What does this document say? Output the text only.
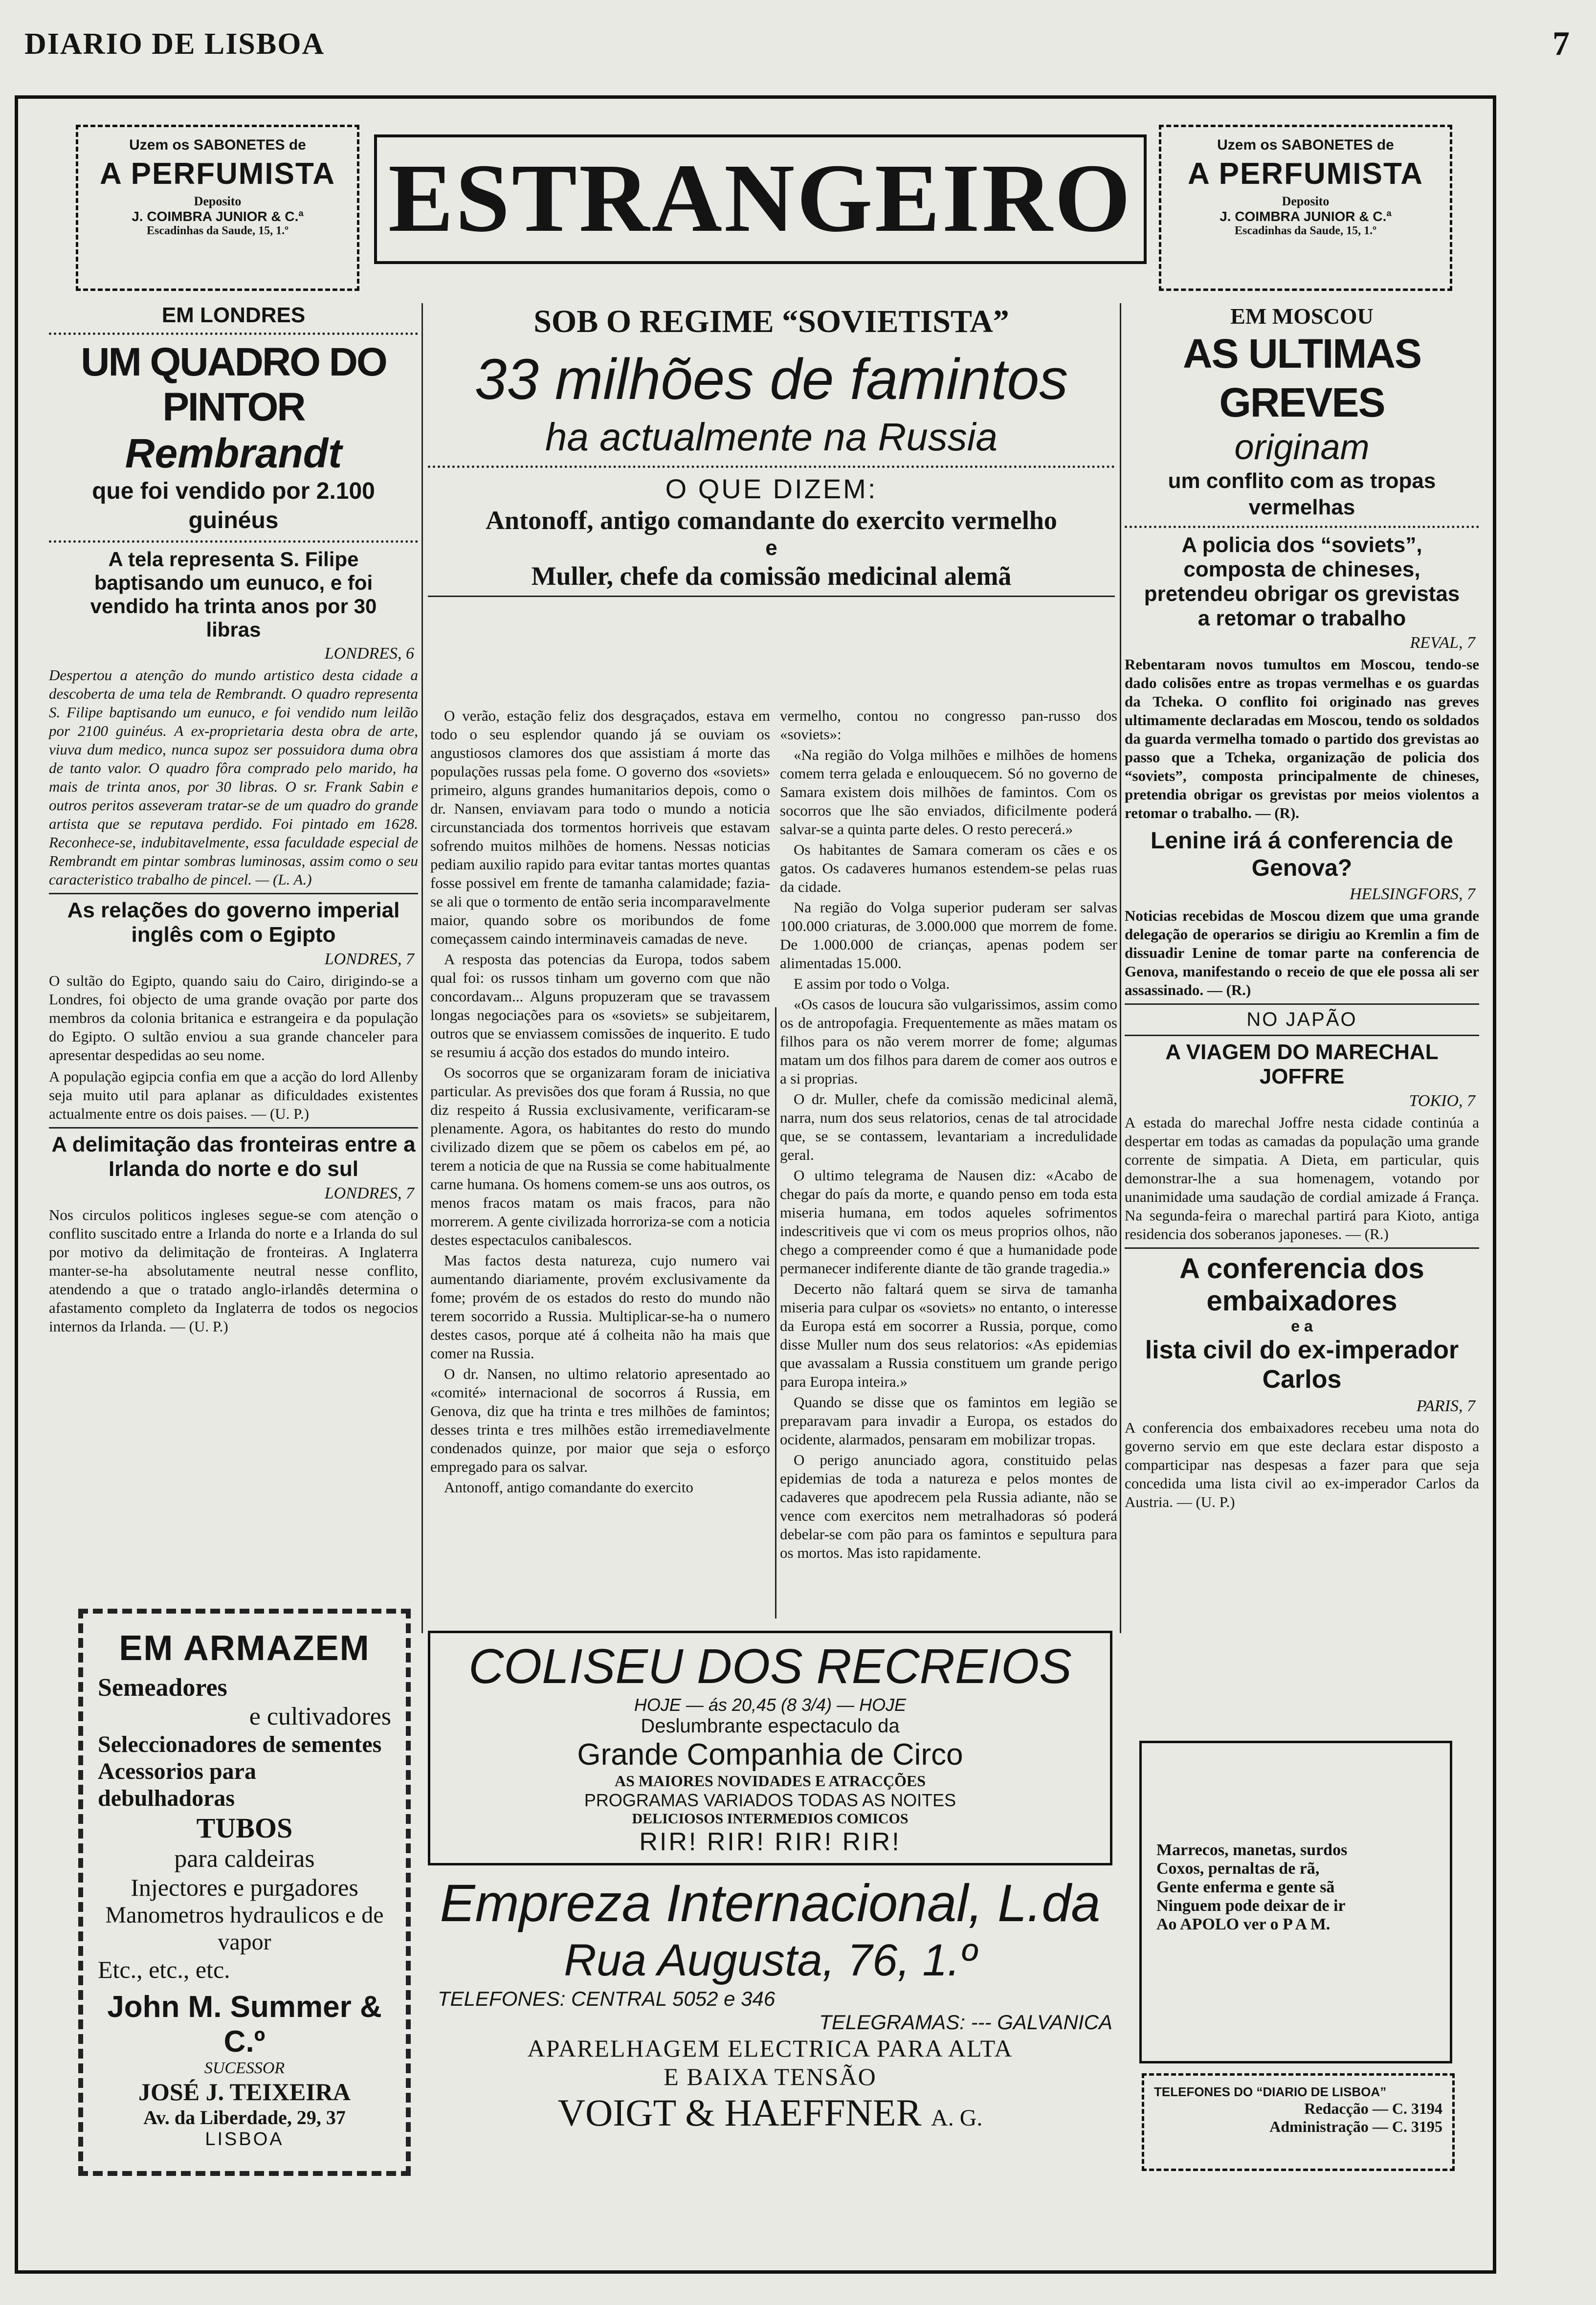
DIARIO DE LISBOA	7
Uzem os SABONETES de
A PERFUMISTA
Deposito
J. COIMBRA JUNIOR & C.ª
Escadinhas da Saude, 15, 1.º
Uzem os SABONETES de
A PERFUMISTA
Deposito
J. COIMBRA JUNIOR & C.ª
Escadinhas da Saude, 15, 1.º
ESTRANGEIRO
EM LONDRES
UM QUADRO DO PINTOR
Rembrandt
que foi vendido por 2.100 guinéus
A tela representa S. Filipe baptisando um eunuco, e foi vendido ha trinta anos por 30 libras
LONDRES, 6
Despertou a atenção do mundo artistico desta cidade a descoberta de uma tela de Rembrandt. O quadro representa S. Filipe baptisando um eunuco, e foi vendido num leilão por 2100 guinéus. A ex-proprietaria desta obra de arte, viuva dum medico, nunca supoz ser possuidora duma obra de tanto valor. O quadro fôra comprado pelo marido, ha mais de trinta anos, por 30 libras. O sr. Frank Sabin e outros peritos asseveram tratar-se de um quadro do grande artista que se reputava perdido. Foi pintado em 1628. Reconhece-se, indubitavelmente, essa faculdade especial de Rembrandt em pintar sombras luminosas, assim como o seu caracteristico trabalho de pincel. — (L. A.)
As relações do governo imperial inglês com o Egipto
LONDRES, 7
O sultão do Egipto, quando saiu do Cairo, dirigindo-se a Londres, foi objecto de uma grande ovação por parte dos membros da colonia britanica e estrangeira e da população do Egipto. O sultão enviou a sua grande chanceler para apresentar despedidas ao seu nome.
A população egipcia confia em que a acção do lord Allenby seja muito util para aplanar as dificuldades existentes actualmente entre os dois paises. — (U. P.)
A delimitação das fronteiras entre a Irlanda do norte e do sul
LONDRES, 7
Nos circulos politicos ingleses segue-se com atenção o conflito suscitado entre a Irlanda do norte e a Irlanda do sul por motivo da delimitação de fronteiras. A Inglaterra manter-se-ha absolutamente neutral nesse conflito, atendendo a que o tratado anglo-irlandês determina o afastamento completo da Inglaterra de todos os negocios internos da Irlanda. — (U. P.)
SOB O REGIME “SOVIETISTA”
33 milhões de famintos
ha actualmente na Russia
O QUE DIZEM:
Antonoff, antigo comandante do exercito vermelho
e
Muller, chefe da comissão medicinal alemã

O verão, estação feliz dos desgraçados, estava em todo o seu esplendor quando já se ouviam os angustiosos clamores dos que assistiam á morte das populações russas pela fome. O governo dos «soviets» primeiro, alguns grandes humanitarios depois, como o dr. Nansen, enviavam para todo o mundo a noticia circunstanciada dos tormentos horriveis que estavam sofrendo muitos milhões de homens. Nessas noticias pediam auxilio rapido para evitar tantas mortes quantas fosse possivel em frente de tamanha calamidade; fazia-se ali que o tormento de então seria incomparavelmente maior, quando sobre os moribundos de fome começassem caindo interminaveis camadas de neve.

A resposta das potencias da Europa, todos sabem qual foi: os russos tinham um governo com que não concordavam... Alguns propuzeram que se travassem longas negociações para os «soviets» se subjeitarem, outros que se enviassem comissões de inquerito. E tudo se resumiu á acção dos estados do mundo inteiro.

Os socorros que se organizaram foram de iniciativa particular. As previsões dos que foram á Russia, no que diz respeito á Russia exclusivamente, verificaram-se plenamente. Agora, os habitantes do resto do mundo civilizado dizem que se põem os cabelos em pé, ao terem a noticia de que na Russia se come habitualmente carne humana. Os homens comem-se uns aos outros, os menos fracos matam os mais fracos, para não morrerem. A gente civilizada horroriza-se com a noticia destes espectaculos canibalescos.

Mas factos desta natureza, cujo numero vai aumentando diariamente, provém exclusivamente da fome; provém de os estados do resto do mundo não terem socorrido a Russia. Multiplicar-se-ha o numero destes casos, porque até á colheita não ha mais que comer na Russia.

O dr. Nansen, no ultimo relatorio apresentado ao «comité» internacional de socorros á Russia, em Genova, diz que ha trinta e tres milhões de famintos; desses trinta e tres milhões estão irremediavelmente condenados quinze, por maior que seja o esforço empregado para os salvar.

Antonoff, antigo comandante do exercito

vermelho, contou no congresso pan-russo dos «soviets»:

«Na região do Volga milhões e milhões de homens comem terra gelada e enlouquecem. Só no governo de Samara existem dois milhões de famintos. Com os socorros que lhe são enviados, dificilmente poderá salvar-se a quinta parte deles. O resto perecerá.»

Os habitantes de Samara comeram os cães e os gatos. Os cadaveres humanos estendem-se pelas ruas da cidade.

Na região do Volga superior puderam ser salvas 100.000 criaturas, de 3.000.000 que morrem de fome. De 1.000.000 de crianças, apenas podem ser alimentadas 15.000.

E assim por todo o Volga.

«Os casos de loucura são vulgarissimos, assim como os de antropofagia. Frequentemente as mães matam os filhos para os não verem morrer de fome; algumas matam um dos filhos para darem de comer aos outros e a si proprias.

O dr. Muller, chefe da comissão medicinal alemã, narra, num dos seus relatorios, cenas de tal atrocidade que, se se contassem, levantariam a incredulidade geral.

O ultimo telegrama de Nausen diz: «Acabo de chegar do país da morte, e quando penso em toda esta miseria humana, em todos aqueles sofrimentos indescritiveis que vi com os meus proprios olhos, não chego a compreender como é que a humanidade pode permanecer indiferente diante de tão grande tragedia.»

Decerto não faltará quem se sirva de tamanha miseria para culpar os «soviets» no entanto, o interesse da Europa está em socorrer a Russia, porque, como disse Muller num dos seus relatorios: «As epidemias que avassalam a Russia constituem um grande perigo para Europa inteira.»

Quando se disse que os famintos em legião se preparavam para invadir a Europa, os estados do ocidente, alarmados, pensaram em mobilizar tropas.

O perigo anunciado agora, constituido pelas epidemias de toda a natureza e pelos montes de cadaveres que apodrecem pela Russia adiante, não se vence com exercitos nem metralhadoras só poderá debelar-se com pão para os famintos e sepultura para os mortos. Mas isto rapidamente.

EM MOSCOU
AS ULTIMAS GREVES
originam
um conflito com as tropas vermelhas
A policia dos “soviets”, composta de chineses, pretendeu obrigar os grevistas a retomar o trabalho
REVAL, 7
Rebentaram novos tumultos em Moscou, tendo-se dado colisões entre as tropas vermelhas e os guardas da Tcheka. O conflito foi originado nas greves ultimamente declaradas em Moscou, tendo os soldados da guarda vermelha tomado o partido dos grevistas ao passo que a Tcheka, organização de policia dos “soviets”, composta principalmente de chineses, pretendia obrigar os grevistas por meios violentos a retomar o trabalho. — (R).
Lenine irá á conferencia de Genova?
HELSINGFORS, 7
Noticias recebidas de Moscou dizem que uma grande delegação de operarios se dirigiu ao Kremlin a fim de dissuadir Lenine de tomar parte na conferencia de Genova, manifestando o receio de que ele possa ali ser assassinado. — (R.)
NO JAPÃO
A VIAGEM DO MARECHAL JOFFRE
TOKIO, 7
A estada do marechal Joffre nesta cidade continúa a despertar em todas as camadas da população uma grande corrente de simpatia. A Dieta, em particular, quis demonstrar-lhe a sua homenagem, votando por unanimidade uma saudação de cordial amizade á França. Na segunda-feira o marechal partirá para Kioto, antiga residencia dos soberanos japoneses. — (R.)
A conferencia dos embaixadores
e a
lista civil do ex-imperador Carlos
PARIS, 7
A conferencia dos embaixadores recebeu uma nota do governo servio em que este declara estar disposto a comparticipar nas despesas a fazer para que seja concedida uma lista civil ao ex-imperador Carlos da Austria. — (U. P.)
EM ARMAZEM
Semeadores
e cultivadores
Seleccionadores de sementes
Acessorios para debulhadoras
TUBOS
para caldeiras
Injectores e purgadores
Manometros hydraulicos e de vapor
Etc., etc., etc.
John M. Summer & C.º
SUCESSOR
JOSÉ J. TEIXEIRA
Av. da Liberdade, 29, 37
LISBOA
COLISEU DOS RECREIOS
HOJE — ás 20,45 (8 3/4) — HOJE
Deslumbrante espectaculo da
Grande Companhia de Circo
AS MAIORES NOVIDADES E ATRACÇÕES
PROGRAMAS VARIADOS TODAS AS NOITES
DELICIOSOS INTERMEDIOS COMICOS
RIR! RIR! RIR! RIR!
Empreza Internacional, L.da
Rua Augusta, 76, 1.º
TELEFONES: CENTRAL 5052 e 346
TELEGRAMAS: --- GALVANICA
APARELHAGEM ELECTRICA PARA ALTA
E BAIXA TENSÃO
VOIGT & HAEFFNER A. G.
Marrecos, manetas, surdos
Coxos, pernaltas de rã,
Gente enferma e gente sã
Ninguem pode deixar de ir
Ao APOLO ver o P A M.
TELEFONES DO “DIARIO DE LISBOA”
Redacção — C. 3194
Administração — C. 3195
